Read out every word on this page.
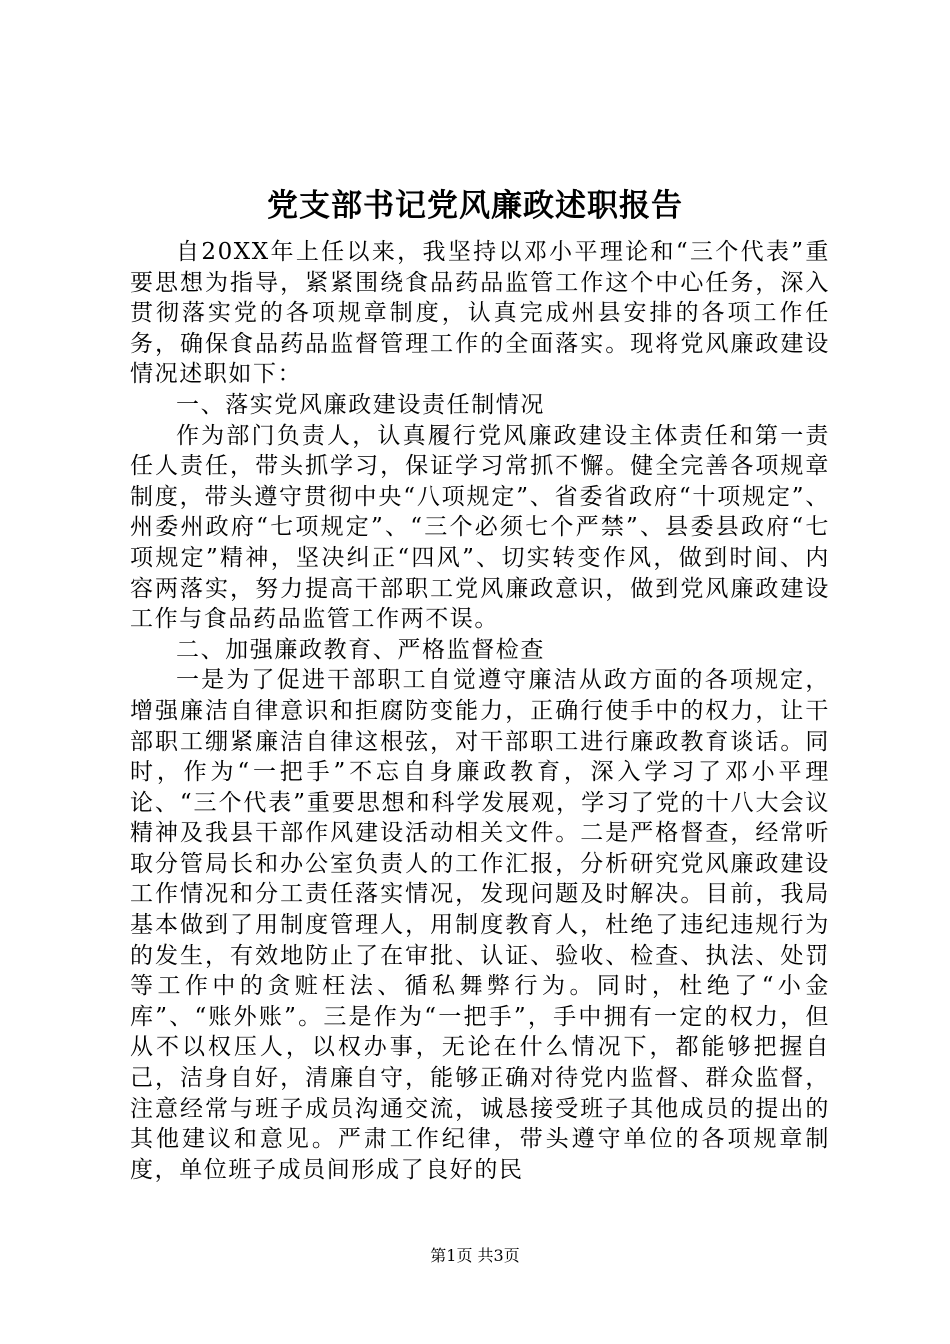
党支部书记党风廉政述职报告

自20XX年上任以来，我坚持以邓小平理论和“三个代表”重要思想为指导，紧紧围绕食品药品监管工作这个中心任务，深入贯彻落实党的各项规章制度，认真完成州县安排的各项工作任务，确保食品药品监督管理工作的全面落实。现将党风廉政建设情况述职如下：

一、落实党风廉政建设责任制情况

作为部门负责人，认真履行党风廉政建设主体责任和第一责任人责任，带头抓学习，保证学习常抓不懈。健全完善各项规章制度，带头遵守贯彻中央“八项规定”、省委省政府“十项规定”、州委州政府“七项规定”、“三个必须七个严禁”、县委县政府“七项规定”精神，坚决纠正“四风”、切实转变作风，做到时间、内容两落实，努力提高干部职工党风廉政意识，做到党风廉政建设工作与食品药品监管工作两不误。

二、加强廉政教育、严格监督检查

一是为了促进干部职工自觉遵守廉洁从政方面的各项规定，增强廉洁自律意识和拒腐防变能力，正确行使手中的权力，让干部职工绷紧廉洁自律这根弦，对干部职工进行廉政教育谈话。同时，作为“一把手”不忘自身廉政教育，深入学习了邓小平理论、“三个代表”重要思想和科学发展观，学习了党的十八大会议精神及我县干部作风建设活动相关文件。二是严格督查，经常听取分管局长和办公室负责人的工作汇报，分析研究党风廉政建设工作情况和分工责任落实情况，发现问题及时解决。目前，我局基本做到了用制度管理人，用制度教育人，杜绝了违纪违规行为的发生，有效地防止了在审批、认证、验收、检查、执法、处罚等工作中的贪赃枉法、循私舞弊行为。同时，杜绝了“小金库”、“账外账”。三是作为“一把手”，手中拥有一定的权力，但从不以权压人，以权办事，无论在什么情况下，都能够把握自己，洁身自好，清廉自守，能够正确对待党内监督、群众监督，注意经常与班子成员沟通交流，诚恳接受班子其他成员的提出的其他建议和意见。严肃工作纪律，带头遵守单位的各项规章制度，单位班子成员间形成了良好的民

第1页 共3页
